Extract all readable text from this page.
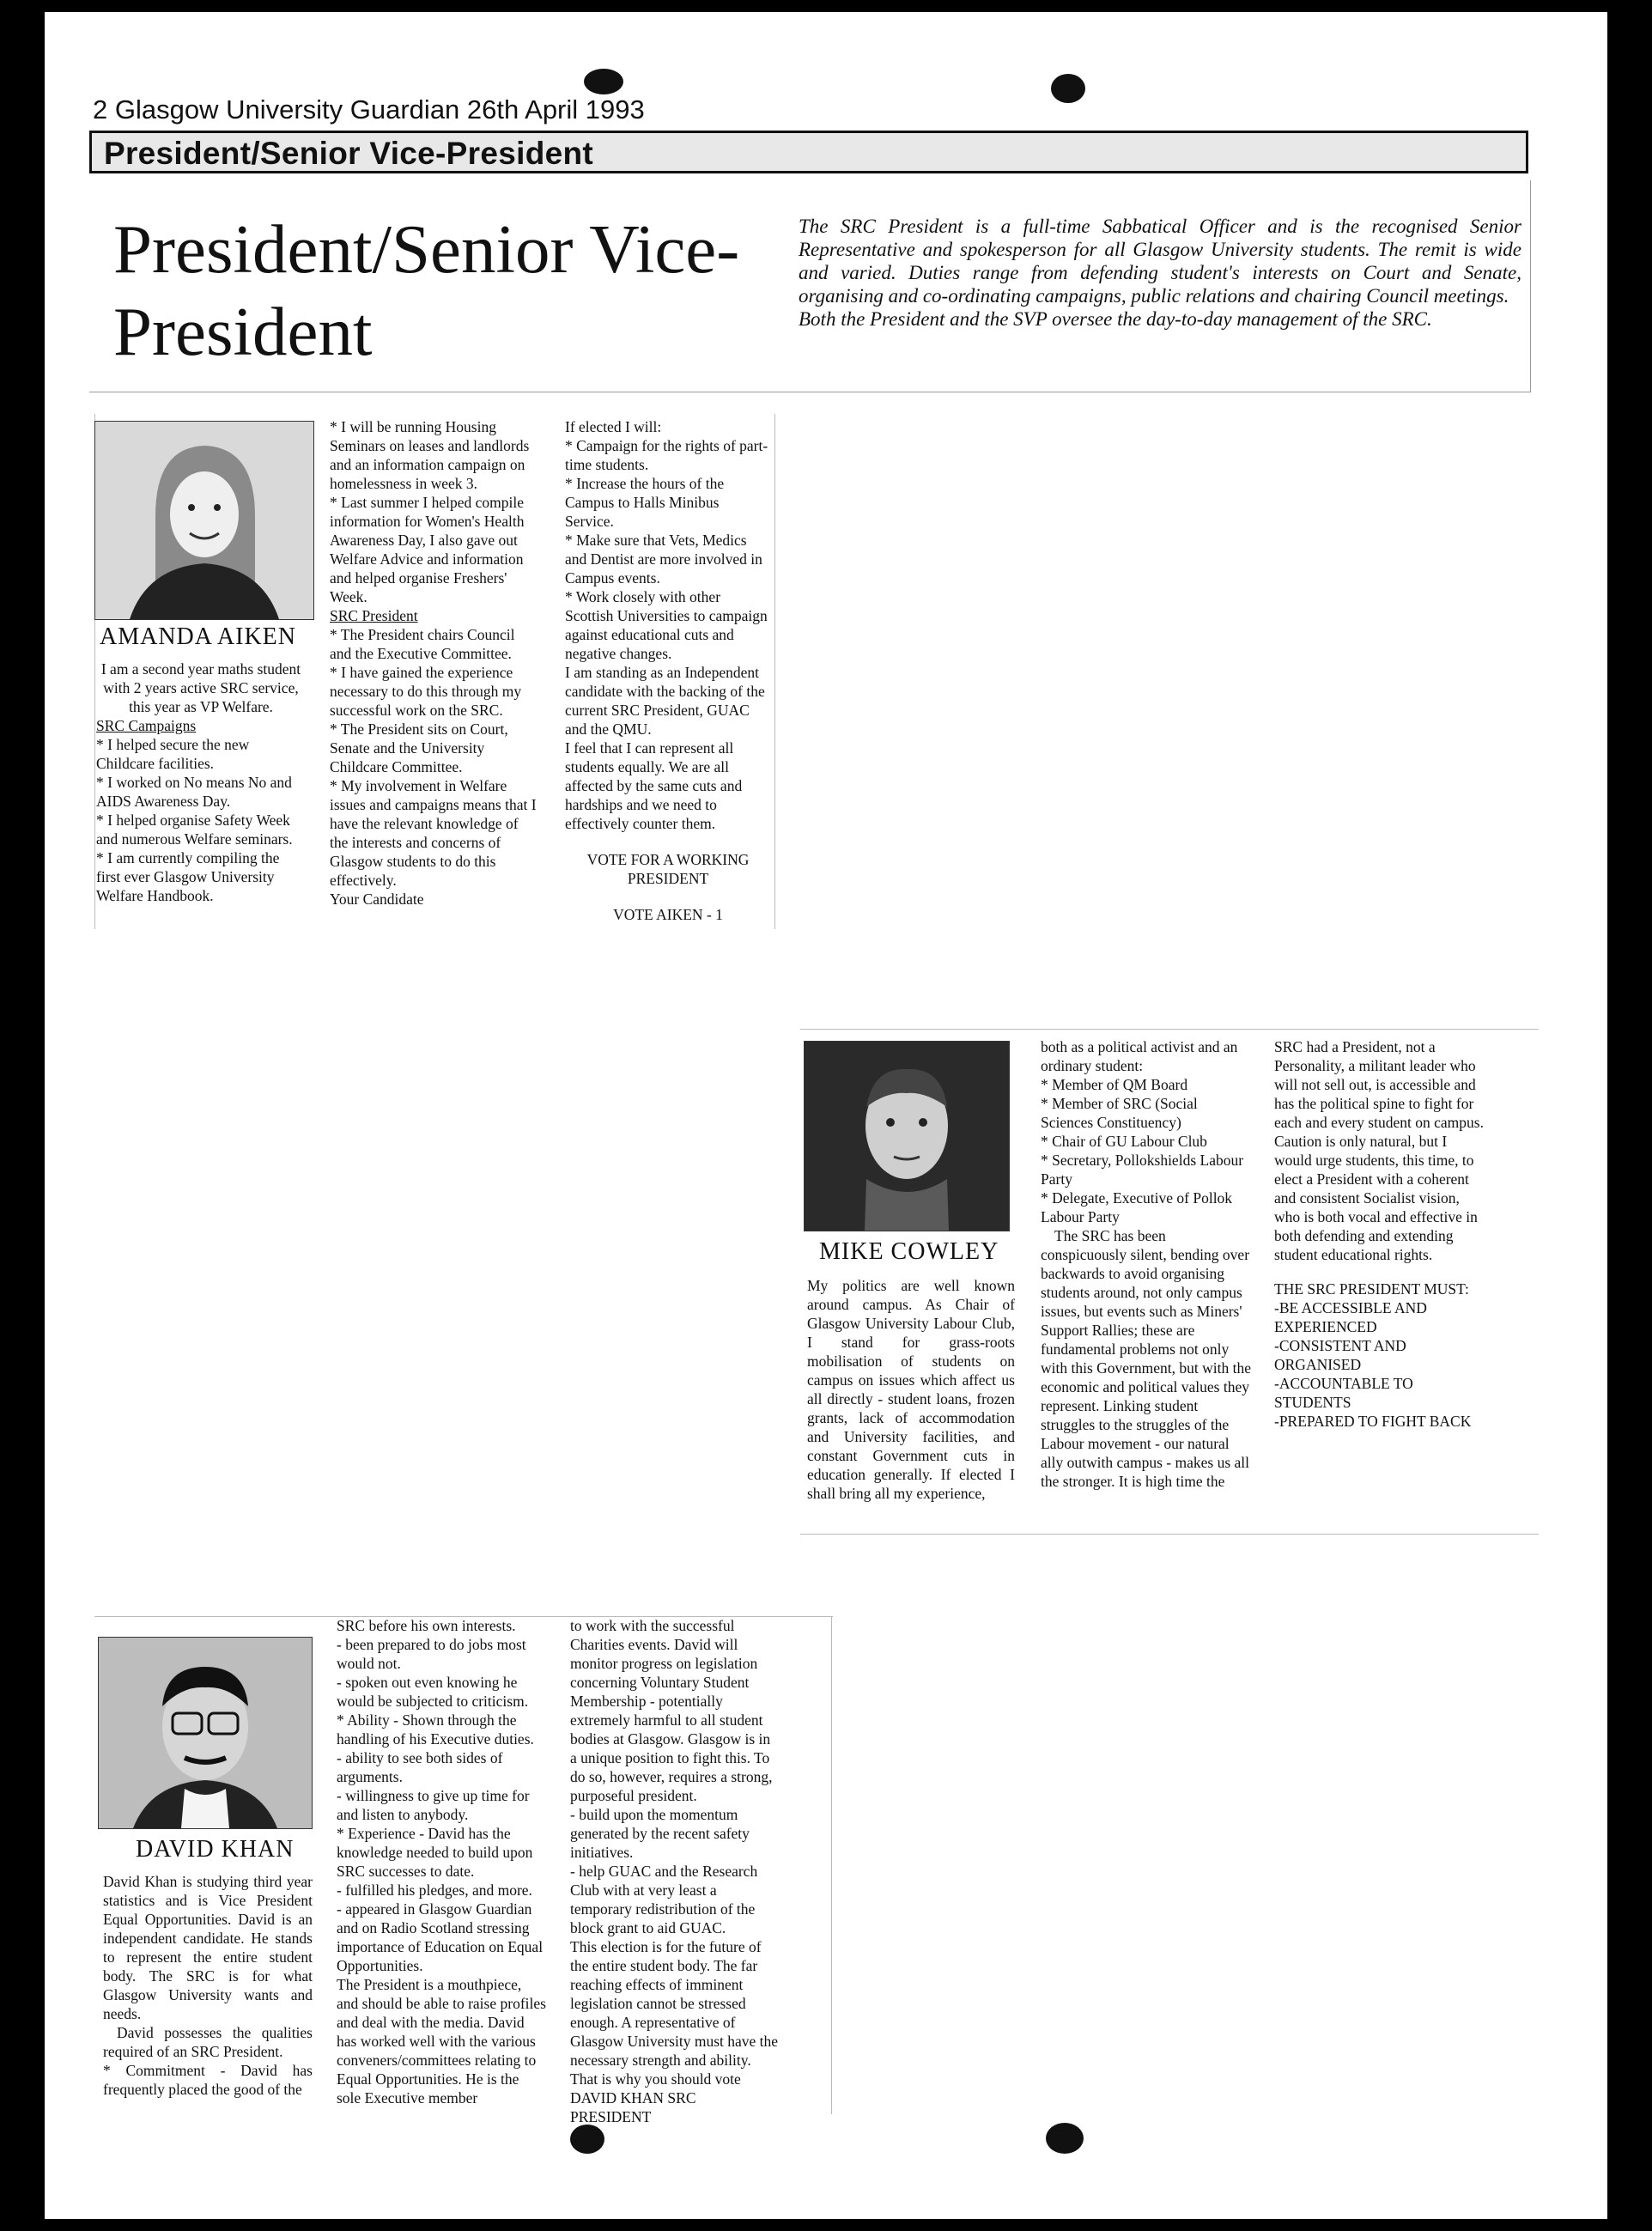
2 Glasgow University Guardian 26th April 1993
President/Senior Vice-President
President/Senior Vice-President
The SRC President is a full-time Sabbatical Officer and is the recognised Senior Representative and spokesperson for all Glasgow University students. The remit is wide and varied. Duties range from defending student's interests on Court and Senate, organising and co-ordinating campaigns, public relations and chairing Council meetings.
Both the President and the SVP oversee the day-to-day management of the SRC.
AMANDA AIKEN

I am a second year maths student with 2 years active SRC service, this year as VP Welfare.

SRC Campaigns

* I helped secure the new Childcare facilities.

* I worked on No means No and AIDS Awareness Day.

* I helped organise Safety Week and numerous Welfare seminars.

* I am currently compiling the first ever Glasgow University Welfare Handbook.

* I will be running Housing Seminars on leases and landlords and an information campaign on homelessness in week 3.

* Last summer I helped compile information for Women's Health Awareness Day, I also gave out Welfare Advice and information and helped organise Freshers' Week.

SRC President

* The President chairs Council and the Executive Committee.

* I have gained the experience necessary to do this through my successful work on the SRC.

* The President sits on Court, Senate and the University Childcare Committee.

* My involvement in Welfare issues and campaigns means that I have the relevant knowledge of the interests and concerns of Glasgow students to do this effectively.

Your Candidate

If elected I will:

* Campaign for the rights of part-time students.

* Increase the hours of the Campus to Halls Minibus Service.

* Make sure that Vets, Medics and Dentist are more involved in Campus events.

* Work closely with other Scottish Universities to campaign against educational cuts and negative changes.

I am standing as an Independent candidate with the backing of the current SRC President, GUAC and the QMU.

I feel that I can represent all students equally. We are all affected by the same cuts and hardships and we need to effectively counter them.

VOTE FOR A WORKING PRESIDENT

VOTE AIKEN - 1

MIKE COWLEY

My politics are well known around campus. As Chair of Glasgow University Labour Club, I stand for grass-roots mobilisation of students on campus on issues which affect us all directly - student loans, frozen grants, lack of accommodation and University facilities, and constant Government cuts in education generally. If elected I shall bring all my experience,

both as a political activist and an ordinary student:

* Member of QM Board

* Member of SRC (Social Sciences Constituency)

* Chair of GU Labour Club

* Secretary, Pollokshields Labour Party

* Delegate, Executive of Pollok Labour Party

The SRC has been conspicuously silent, bending over backwards to avoid organising students around, not only campus issues, but events such as Miners' Support Rallies; these are fundamental problems not only with this Government, but with the economic and political values they represent. Linking student struggles to the struggles of the Labour movement - our natural ally outwith campus - makes us all the stronger. It is high time the

SRC had a President, not a Personality, a militant leader who will not sell out, is accessible and has the political spine to fight for each and every student on campus. Caution is only natural, but I would urge students, this time, to elect a President with a coherent and consistent Socialist vision, who is both vocal and effective in both defending and extending student educational rights.

THE SRC PRESIDENT MUST:

-BE ACCESSIBLE AND EXPERIENCED

-CONSISTENT AND ORGANISED

-ACCOUNTABLE TO STUDENTS

-PREPARED TO FIGHT BACK

DAVID KHAN

David Khan is studying third year statistics and is Vice President Equal Opportunities. David is an independent candidate. He stands to represent the entire student body. The SRC is for what Glasgow University wants and needs.

David possesses the qualities required of an SRC President.

* Commitment - David has frequently placed the good of the

SRC before his own interests.

- been prepared to do jobs most would not.

- spoken out even knowing he would be subjected to criticism.

* Ability - Shown through the handling of his Executive duties.

- ability to see both sides of arguments.

- willingness to give up time for and listen to anybody.

* Experience - David has the knowledge needed to build upon SRC successes to date.

- fulfilled his pledges, and more.

- appeared in Glasgow Guardian and on Radio Scotland stressing importance of Education on Equal Opportunities.

The President is a mouthpiece, and should be able to raise profiles and deal with the media. David has worked well with the various conveners/committees relating to Equal Opportunities. He is the sole Executive member

to work with the successful Charities events. David will monitor progress on legislation concerning Voluntary Student Membership - potentially extremely harmful to all student bodies at Glasgow. Glasgow is in a unique position to fight this. To do so, however, requires a strong, purposeful president.

- build upon the momentum generated by the recent safety initiatives.

- help GUAC and the Research Club with at very least a temporary redistribution of the block grant to aid GUAC.

This election is for the future of the entire student body. The far reaching effects of imminent legislation cannot be stressed enough. A representative of Glasgow University must have the necessary strength and ability. That is why you should vote

DAVID KHAN SRC PRESIDENT
